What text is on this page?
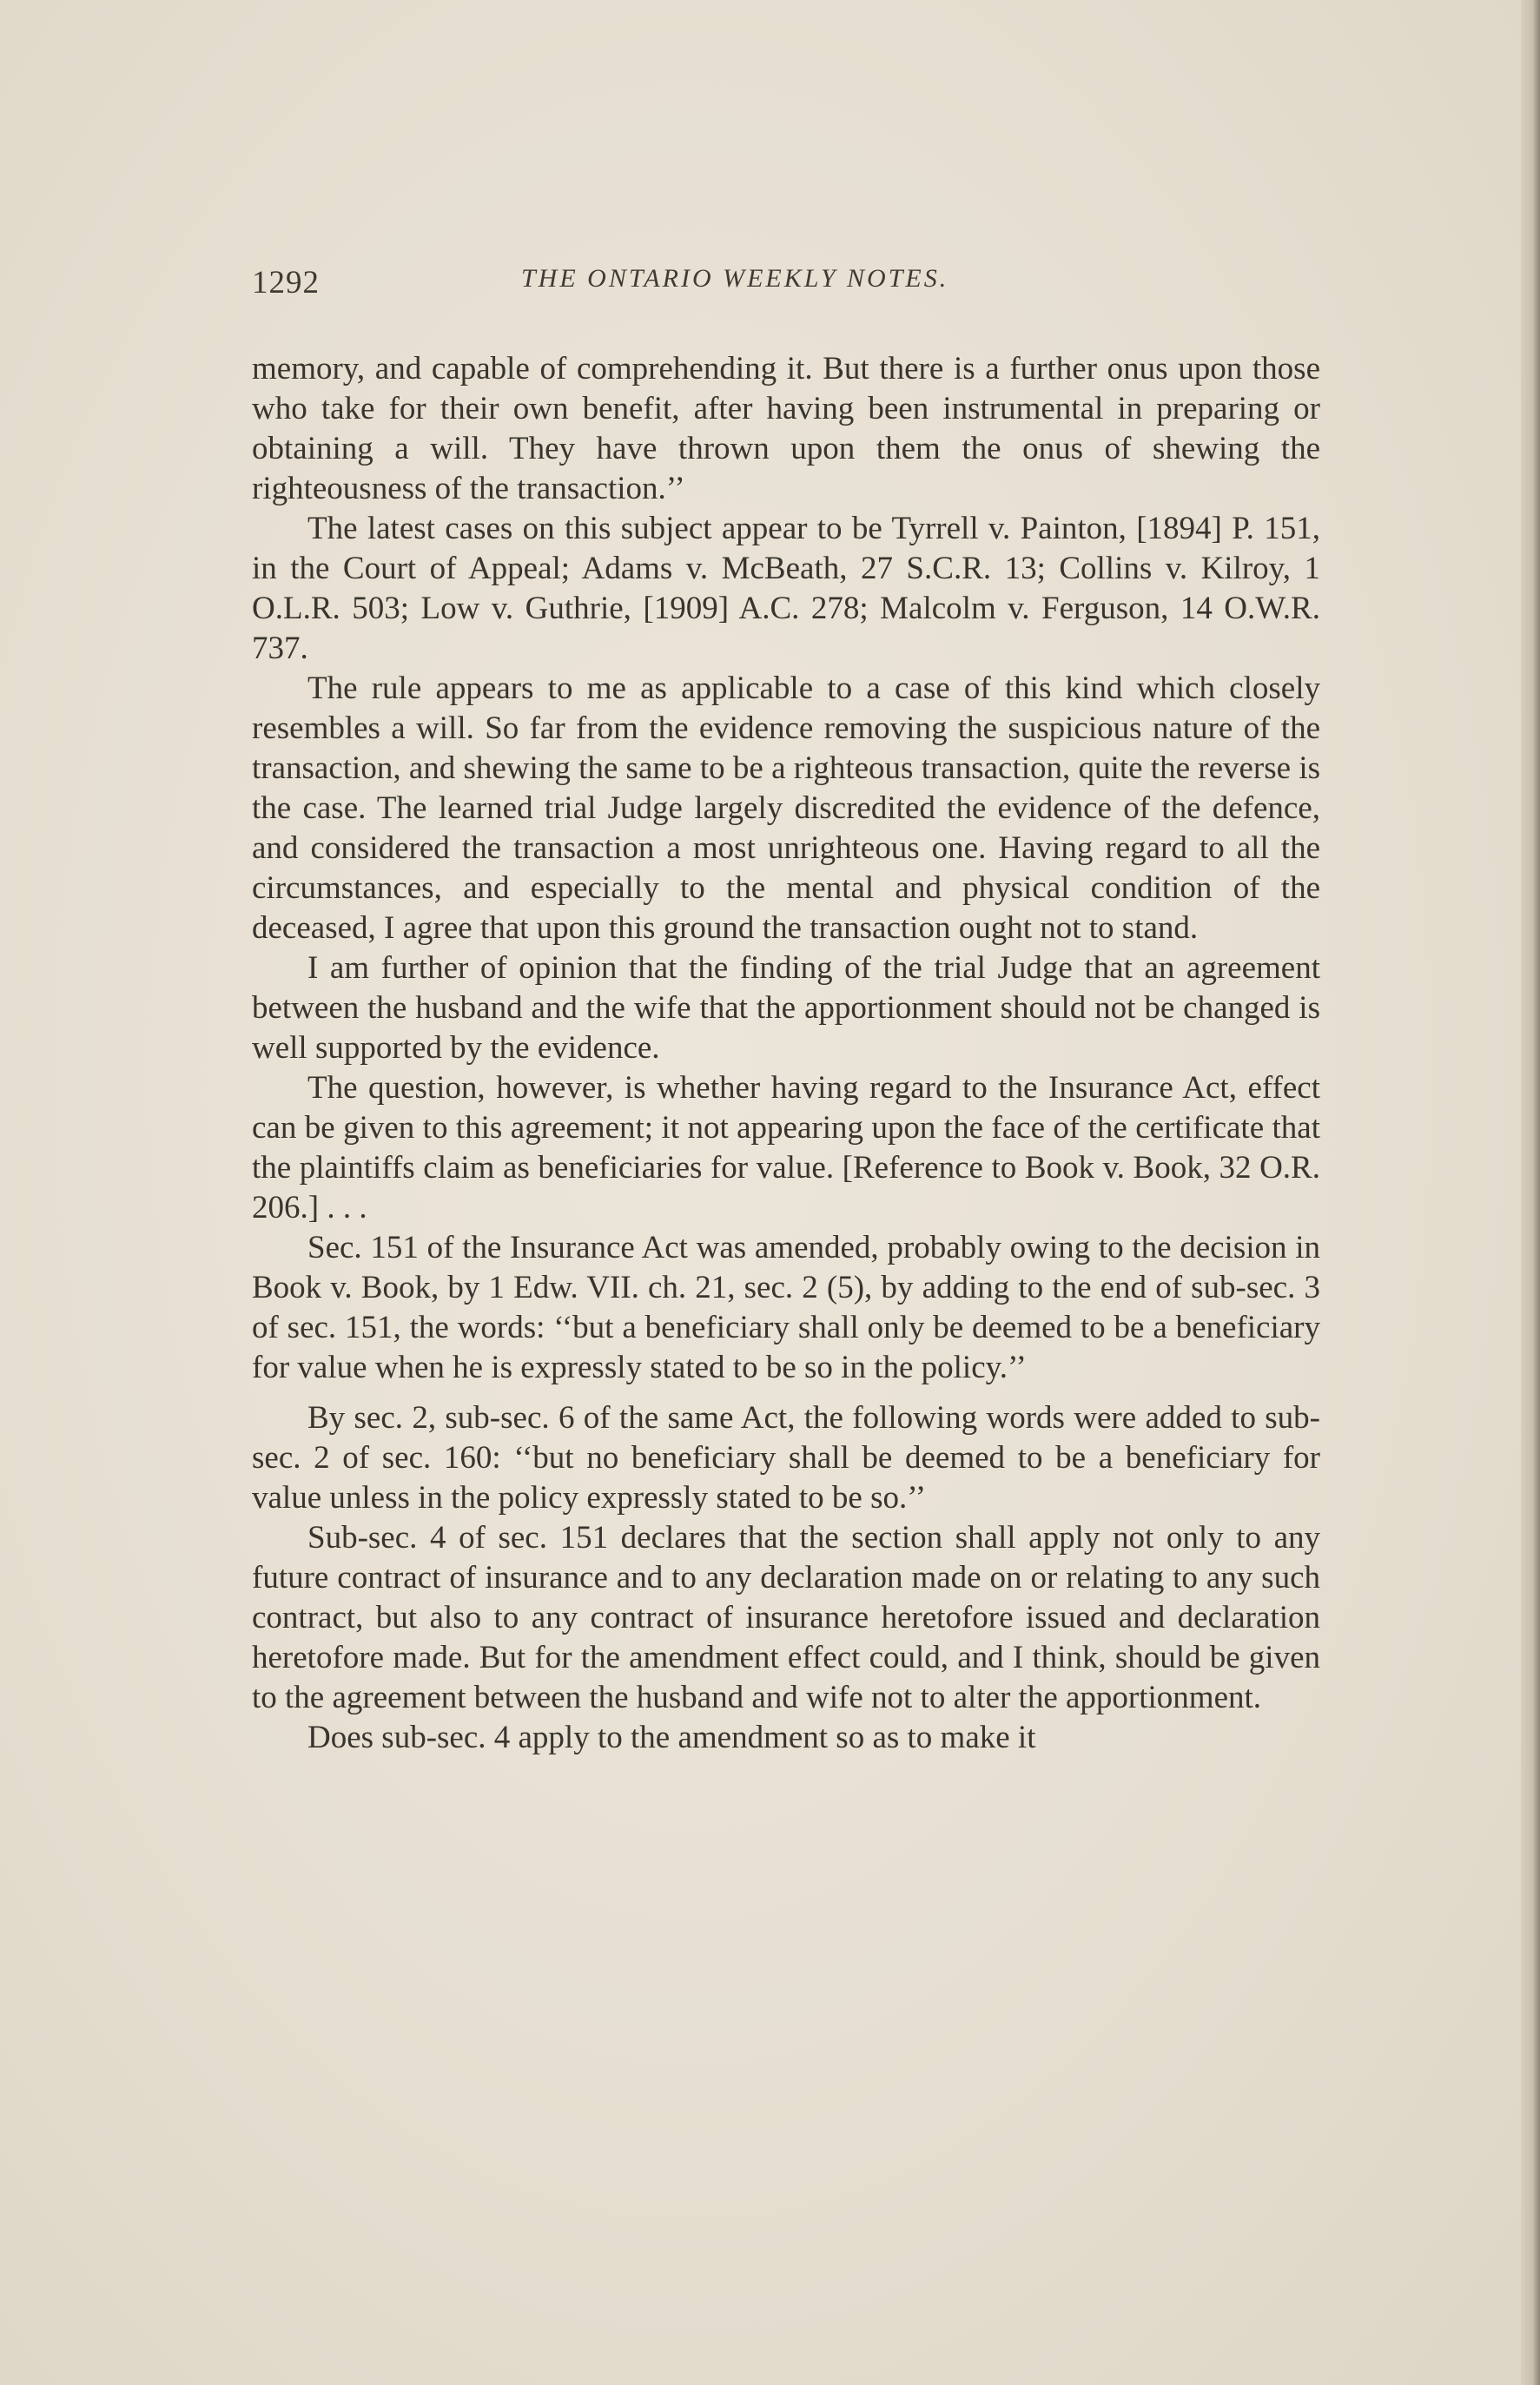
1292	THE ONTARIO WEEKLY NOTES.

memory, and capable of comprehending it. But there is a further onus upon those who take for their own benefit, after having been instrumental in preparing or obtaining a will. They have thrown upon them the onus of shewing the righteousness of the transaction.’’

The latest cases on this subject appear to be Tyrrell v. Painton, [1894] P. 151, in the Court of Appeal; Adams v. McBeath, 27 S.C.R. 13; Collins v. Kilroy, 1 O.L.R. 503; Low v. Guthrie, [1909] A.C. 278; Malcolm v. Ferguson, 14 O.W.R. 737.

The rule appears to me as applicable to a case of this kind which closely resembles a will. So far from the evidence removing the suspicious nature of the transaction, and shewing the same to be a righteous transaction, quite the reverse is the case. The learned trial Judge largely discredited the evidence of the defence, and considered the transaction a most unrighteous one. Having regard to all the circumstances, and especially to the mental and physical condition of the deceased, I agree that upon this ground the transaction ought not to stand.

I am further of opinion that the finding of the trial Judge that an agreement between the husband and the wife that the apportionment should not be changed is well supported by the evidence.

The question, however, is whether having regard to the Insurance Act, effect can be given to this agreement; it not appearing upon the face of the certificate that the plaintiffs claim as beneficiaries for value. [Reference to Book v. Book, 32 O.R. 206.] . . .

Sec. 151 of the Insurance Act was amended, probably owing to the decision in Book v. Book, by 1 Edw. VII. ch. 21, sec. 2 (5), by adding to the end of sub-sec. 3 of sec. 151, the words: ‘‘but a beneficiary shall only be deemed to be a beneficiary for value when he is expressly stated to be so in the policy.’’

By sec. 2, sub-sec. 6 of the same Act, the following words were added to sub-sec. 2 of sec. 160: ‘‘but no beneficiary shall be deemed to be a beneficiary for value unless in the policy expressly stated to be so.’’

Sub-sec. 4 of sec. 151 declares that the section shall apply not only to any future contract of insurance and to any declaration made on or relating to any such contract, but also to any contract of insurance heretofore issued and declaration heretofore made. But for the amendment effect could, and I think, should be given to the agreement between the husband and wife not to alter the apportionment.

Does sub-sec. 4 apply to the amendment so as to make it
